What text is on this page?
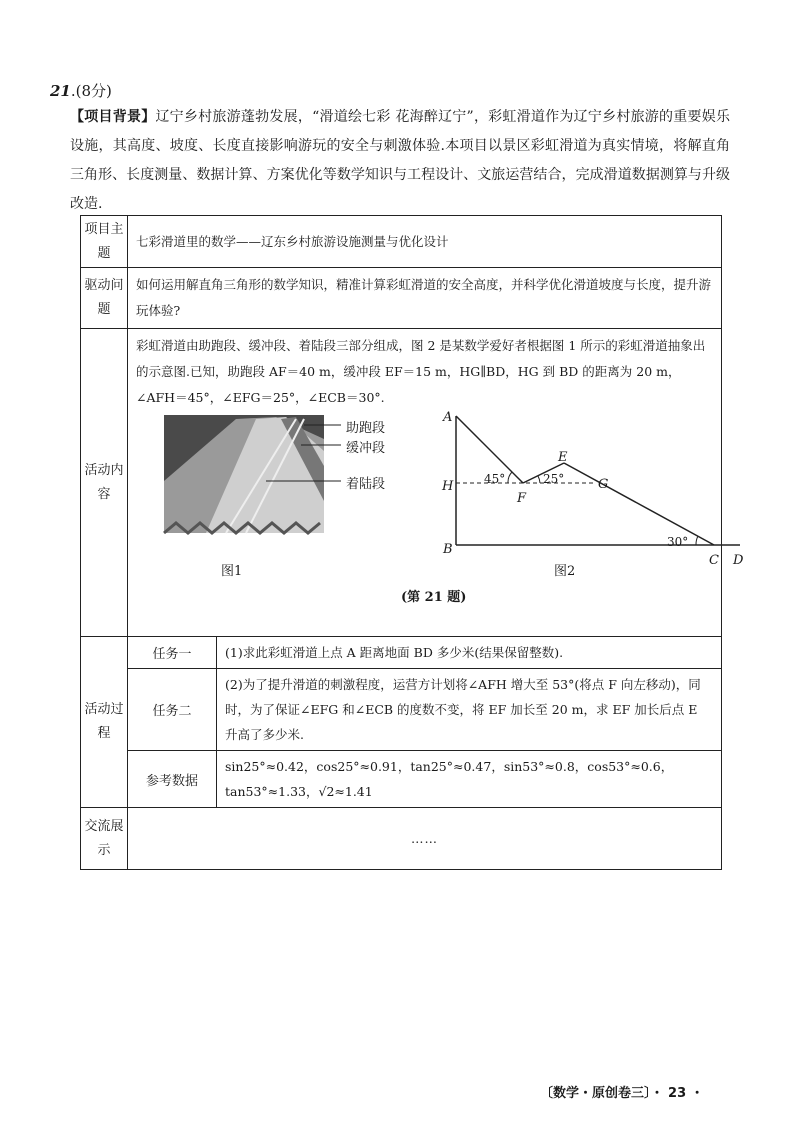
21.(8分)
【项目背景】辽宁乡村旅游蓬勃发展，“滑道绘七彩 花海醉辽宁”，彩虹滑道作为辽宁乡村旅游的重要娱乐设施，其高度、坡度、长度直接影响游玩的安全与刺激体验.本项目以景区彩虹滑道为真实情境，将解直角三角形、长度测量、数据计算、方案优化等数学知识与工程设计、文旅运营结合，完成滑道数据测算与升级改造.
项目主题	七彩滑道里的数学——辽东乡村旅游设施测量与优化设计
驱动问题	如何运用解直角三角形的数学知识，精准计算彩虹滑道的安全高度，并科学优化滑道坡度与长度，提升游玩体验?
活动内容	
彩虹滑道由助跑段、缓冲段、着陆段三部分组成，图 2 是某数学爱好者根据图 1 所示的彩虹滑道抽象出的示意图.已知，助跑段 AF＝40 m，缓冲段 EF＝15 m，HG∥BD，HG 到 BD 的距离为 20 m，∠AFH＝45°，∠EFG＝25°，∠ECB＝30°.
助跑段
缓冲段
着陆段
图1
A
H
B
F
E
G
C D
45°	25°
30°
图2
(第 21 题)

活动过程	
任务一	(1)求此彩虹滑道上点 A 距离地面 BD 多少米(结果保留整数).
任务二	(2)为了提升滑道的刺激程度，运营方计划将∠AFH 增大至 53°(将点 F 向左移动)，同时，为了保证∠EFG 和∠ECB 的度数不变，将 EF 加长至 20 m，求 EF 加长后点 E 升高了多少米.
参考数据	sin25°≈0.42，cos25°≈0.91，tan25°≈0.47，sin53°≈0.8，cos53°≈0.6，tan53°≈1.33，√2≈1.41

交流展示	……
〔数学・原创卷三〕・ 23 ・
